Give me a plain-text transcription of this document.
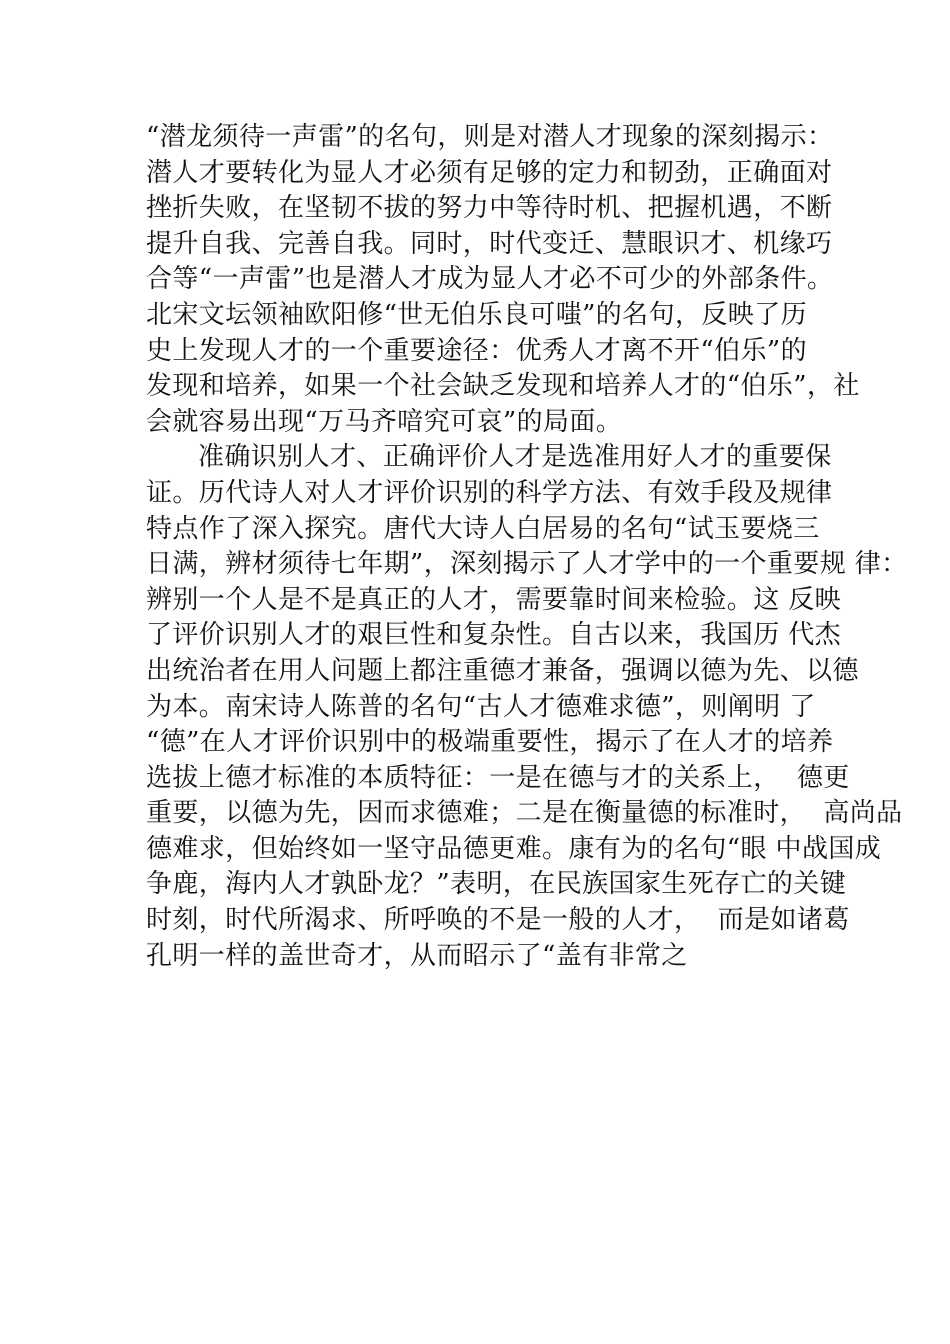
“潜龙须待一声雷”的名句，则是对潜人才现象的深刻揭示：
潜人才要转化为显人才必须有足够的定力和韧劲，正确面对
挫折失败，在坚韧不拔的努力中等待时机、把握机遇，不断
提升自我、完善自我。同时，时代变迁、慧眼识才、机缘巧
合等“一声雷”也是潜人才成为显人才必不可少的外部条件。
北宋文坛领袖欧阳修“世无伯乐良可嗤”的名句，反映了历
史上发现人才的一个重要途径：优秀人才离不开“伯乐”的
发现和培养，如果一个社会缺乏发现和培养人才的“伯乐”，社
会就容易出现“万马齐喑究可哀”的局面。
准确识别人才、正确评价人才是选准用好人才的重要保
证。历代诗人对人才评价识别的科学方法、有效手段及规律
特点作了深入探究。唐代大诗人白居易的名句“试玉要烧三
日满，辨材须待七年期”，深刻揭示了人才学中的一个重要规 律：
辨别一个人是不是真正的人才，需要靠时间来检验。这 反映
了评价识别人才的艰巨性和复杂性。自古以来，我国历 代杰
出统治者在用人问题上都注重德才兼备，强调以德为先、以德
为本。南宋诗人陈普的名句“古人才德难求德”，则阐明 了
“德”在人才评价识别中的极端重要性，揭示了在人才的培养
选拔上德才标准的本质特征：一是在德与才的关系上，  德更
重要，以德为先，因而求德难；二是在衡量德的标准时，  高尚品
德难求，但始终如一坚守品德更难。康有为的名句“眼 中战国成
争鹿，海内人才孰卧龙？”表明，在民族国家生死存亡的关键
时刻，时代所渴求、所呼唤的不是一般的人才，  而是如诸葛
孔明一样的盖世奇才，从而昭示了“盖有非常之
